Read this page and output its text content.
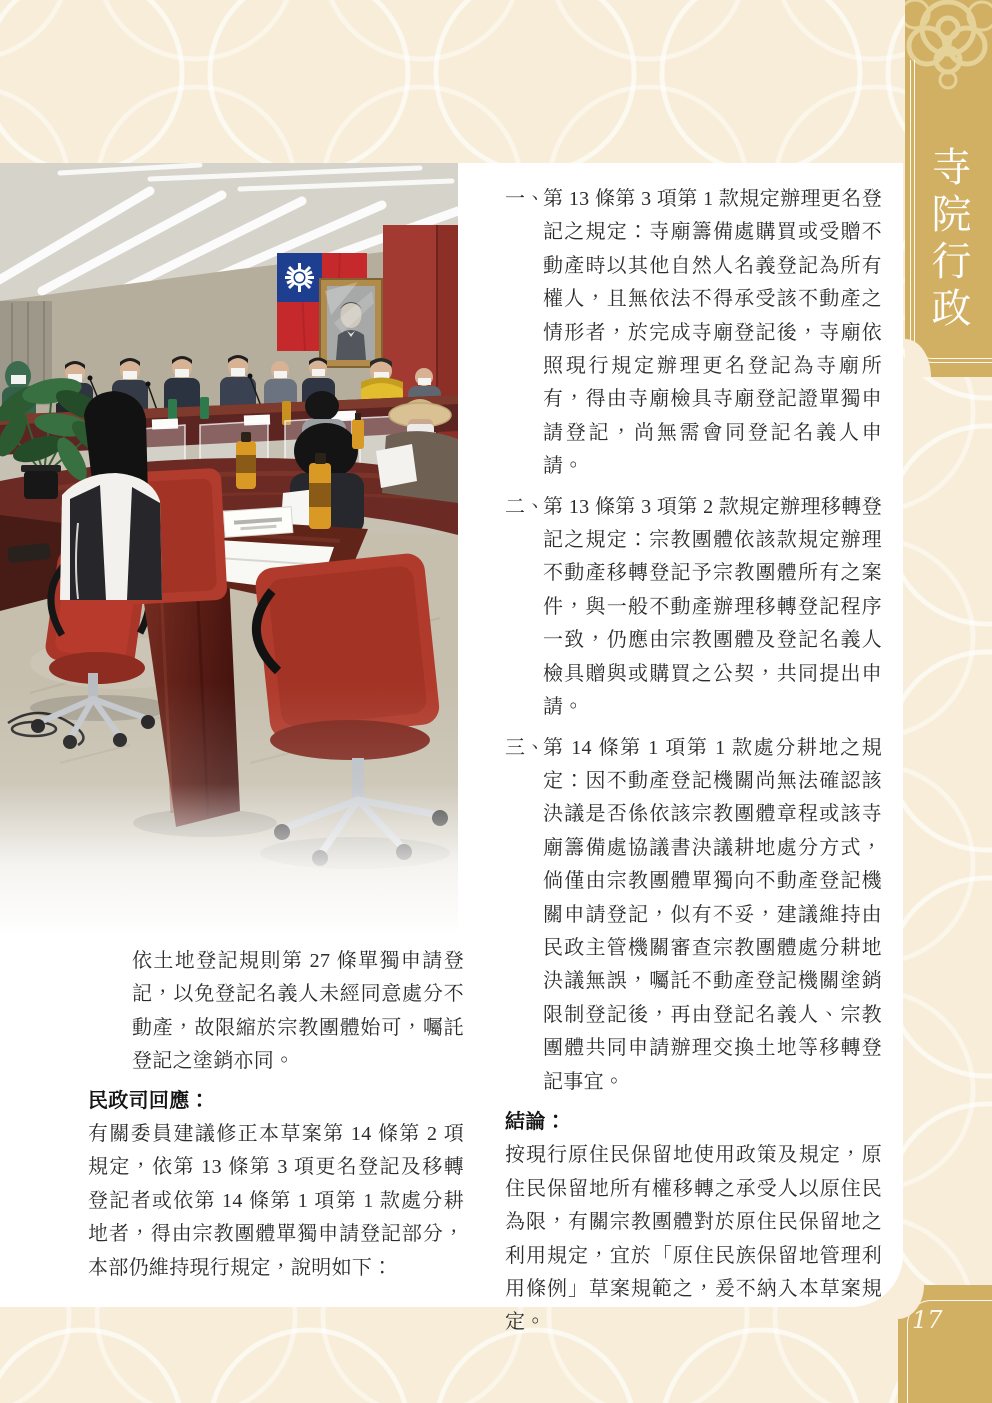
依土地登記規則第 27 條單獨申請登記，以免登記名義人未經同意處分不動產，故限縮於宗教團體始可，囑託登記之塗銷亦同。

民政司回應：

有關委員建議修正本草案第 14 條第 2 項規定，依第 13 條第 3 項更名登記及移轉登記者或依第 14 條第 1 項第 1 款處分耕地者，得由宗教團體單獨申請登記部分，本部仍維持現行規定，說明如下：

一、
第 13 條第 3 項第 1 款規定辦理更名登記之規定：寺廟籌備處購買或受贈不動產時以其他自然人名義登記為所有權人，且無依法不得承受該不動產之情形者，於完成寺廟登記後，寺廟依照現行規定辦理更名登記為寺廟所有，得由寺廟檢具寺廟登記證單獨申請登記，尚無需會同登記名義人申請。
二、
第 13 條第 3 項第 2 款規定辦理移轉登記之規定：宗教團體依該款規定辦理不動產移轉登記予宗教團體所有之案件，與一般不動產辦理移轉登記程序一致，仍應由宗教團體及登記名義人檢具贈與或購買之公契，共同提出申請。
三、
第 14 條第 1 項第 1 款處分耕地之規定：因不動產登記機關尚無法確認該決議是否係依該宗教團體章程或該寺廟籌備處協議書決議耕地處分方式，倘僅由宗教團體單獨向不動產登記機關申請登記，似有不妥，建議維持由民政主管機關審查宗教團體處分耕地決議無誤，囑託不動產登記機關塗銷限制登記後，再由登記名義人、宗教團體共同申請辦理交換土地等移轉登記事宜。

結論：

按現行原住民保留地使用政策及規定，原住民保留地所有權移轉之承受人以原住民為限，有關宗教團體對於原住民保留地之利用規定，宜於「原住民族保留地管理利用條例」草案規範之，爰不納入本草案規定。

寺院行政
17
